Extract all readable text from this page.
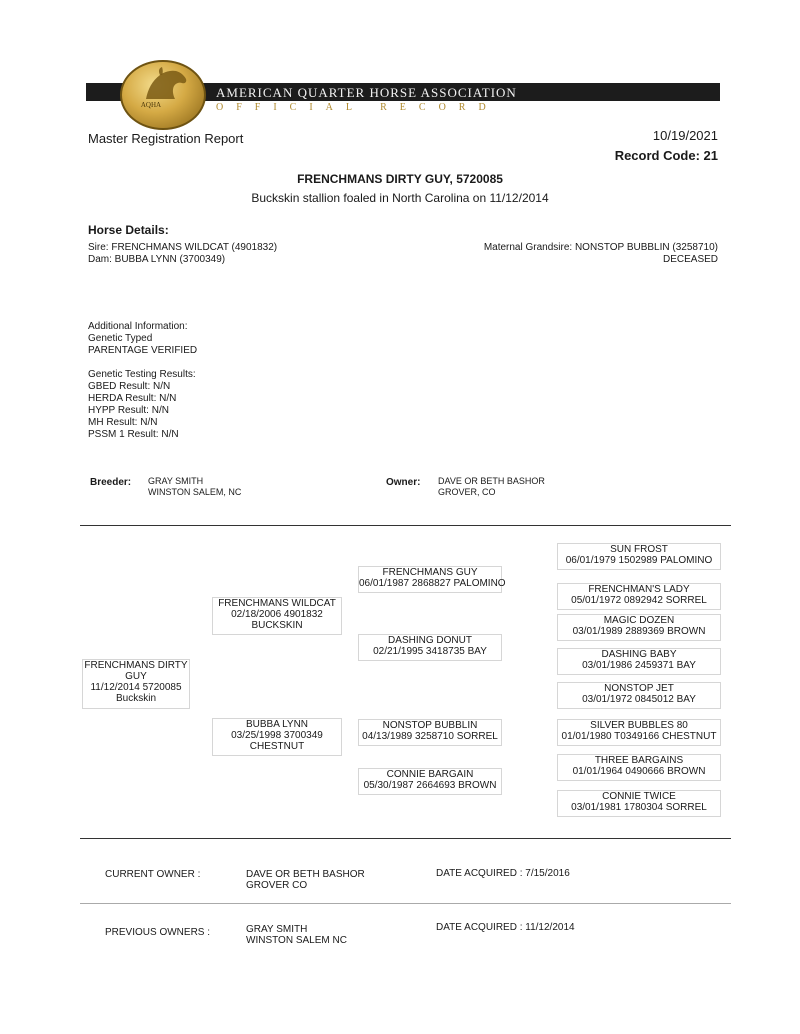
AQHA
AMERICAN QUARTER HORSE ASSOCIATION
OFFICIAL RECORD
Master Registration Report	10/19/2021
Record Code: 21
FRENCHMANS DIRTY GUY, 5720085
Buckskin stallion foaled in North Carolina on 11/12/2014
Horse Details:
Sire: FRENCHMANS WILDCAT (4901832)
Dam: BUBBA LYNN (3700349)
Maternal Grandsire: NONSTOP BUBBLIN (3258710)
DECEASED
Additional Information:
Genetic Typed
PARENTAGE VERIFIED
Genetic Testing Results:
GBED Result: N/N
HERDA Result: N/N
HYPP Result: N/N
MH Result: N/N
PSSM 1 Result: N/N
Breeder: GRAY SMITH
WINSTON SALEM, NC
Owner: DAVE OR BETH BASHOR
GROVER, CO
FRENCHMANS DIRTY
GUY
11/12/2014 5720085
Buckskin
FRENCHMANS WILDCAT
02/18/2006 4901832
BUCKSKIN
BUBBA LYNN
03/25/1998 3700349
CHESTNUT
FRENCHMANS GUY
06/01/1987 2868827 PALOMINO
DASHING DONUT
02/21/1995 3418735 BAY
NONSTOP BUBBLIN
04/13/1989 3258710 SORREL
CONNIE BARGAIN
05/30/1987 2664693 BROWN
SUN FROST
06/01/1979 1502989 PALOMINO
FRENCHMAN'S LADY
05/01/1972 0892942 SORREL
MAGIC DOZEN
03/01/1989 2889369 BROWN
DASHING BABY
03/01/1986 2459371 BAY
NONSTOP JET
03/01/1972 0845012 BAY
SILVER BUBBLES 80
01/01/1980 T0349166 CHESTNUT
THREE BARGAINS
01/01/1964 0490666 BROWN
CONNIE TWICE
03/01/1981 1780304 SORREL
CURRENT OWNER :	DAVE OR BETH BASHOR
GROVER CO
DATE ACQUIRED : 7/15/2016
PREVIOUS OWNERS :	GRAY SMITH
WINSTON SALEM NC
DATE ACQUIRED : 11/12/2014
